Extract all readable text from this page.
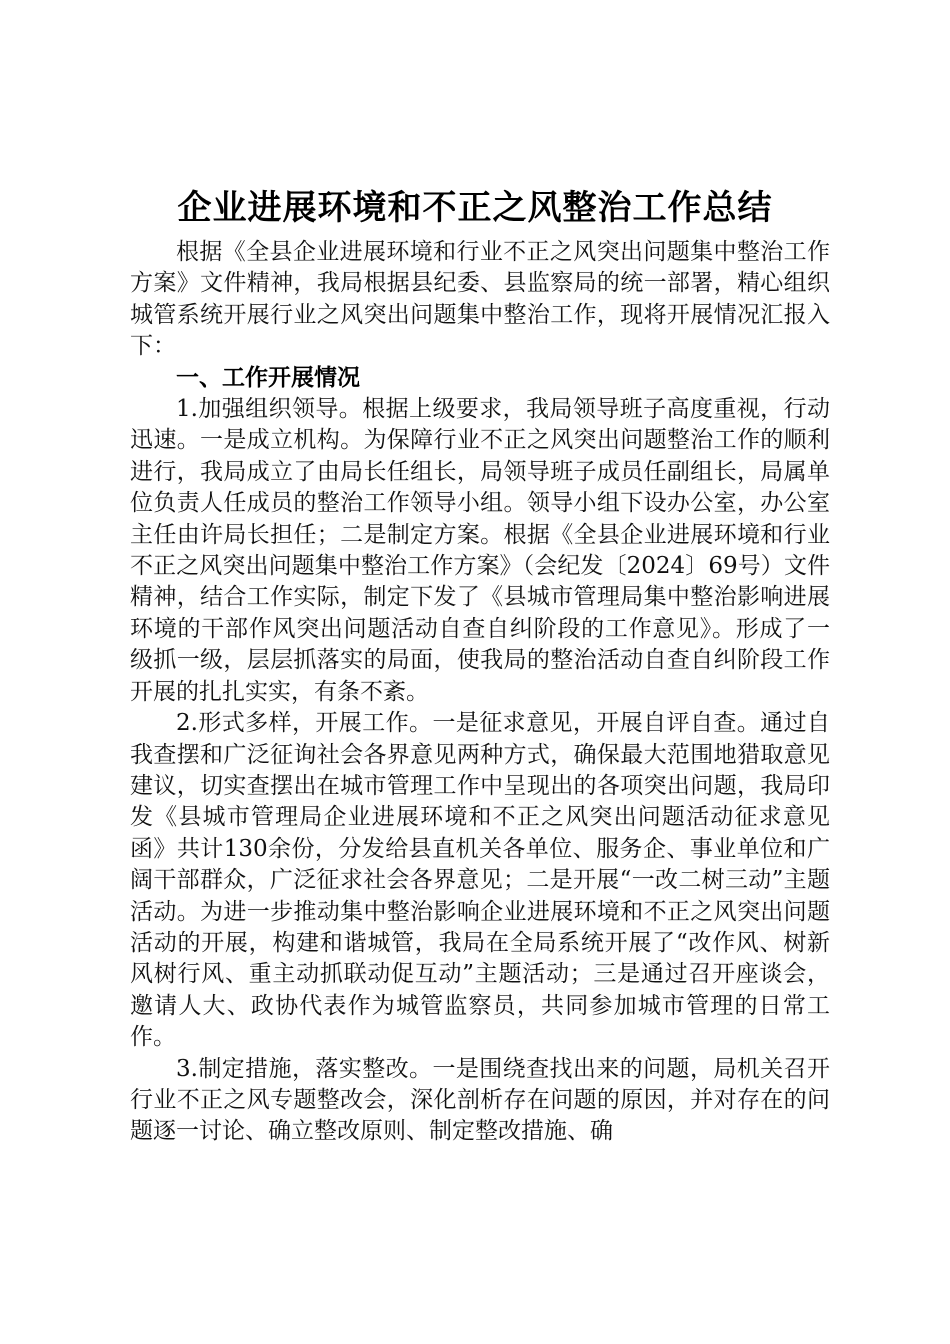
企业进展环境和不正之风整治工作总结

根据《全县企业进展环境和行业不正之风突出问题集中整治工作方案》文件精神，我局根据县纪委、县监察局的统一部署，精心组织城管系统开展行业之风突出问题集中整治工作，现将开展情况汇报入下：

一、工作开展情况

1.加强组织领导。根据上级要求，我局领导班子高度重视，行动迅速。一是成立机构。为保障行业不正之风突出问题整治工作的顺利进行，我局成立了由局长任组长，局领导班子成员任副组长，局属单位负责人任成员的整治工作领导小组。领导小组下设办公室，办公室主任由许局长担任；二是制定方案。根据《全县企业进展环境和行业不正之风突出问题集中整治工作方案》（会纪发〔2024〕69号）文件精神，结合工作实际，制定下发了《县城市管理局集中整治影响进展环境的干部作风突出问题活动自查自纠阶段的工作意见》。形成了一级抓一级，层层抓落实的局面，使我局的整治活动自查自纠阶段工作开展的扎扎实实，有条不紊。

2.形式多样，开展工作。一是征求意见，开展自评自查。通过自我查摆和广泛征询社会各界意见两种方式，确保最大范围地猎取意见建议，切实查摆出在城市管理工作中呈现出的各项突出问题，我局印发《县城市管理局企业进展环境和不正之风突出问题活动征求意见函》共计130余份，分发给县直机关各单位、服务企、事业单位和广阔干部群众，广泛征求社会各界意见；二是开展“一改二树三动”主题活动。为进一步推动集中整治影响企业进展环境和不正之风突出问题活动的开展，构建和谐城管，我局在全局系统开展了“改作风、树新风树行风、重主动抓联动促互动”主题活动；三是通过召开座谈会，邀请人大、政协代表作为城管监察员，共同参加城市管理的日常工作。

3.制定措施，落实整改。一是围绕查找出来的问题，局机关召开行业不正之风专题整改会，深化剖析存在问题的原因，并对存在的问题逐一讨论、确立整改原则、制定整改措施、确
